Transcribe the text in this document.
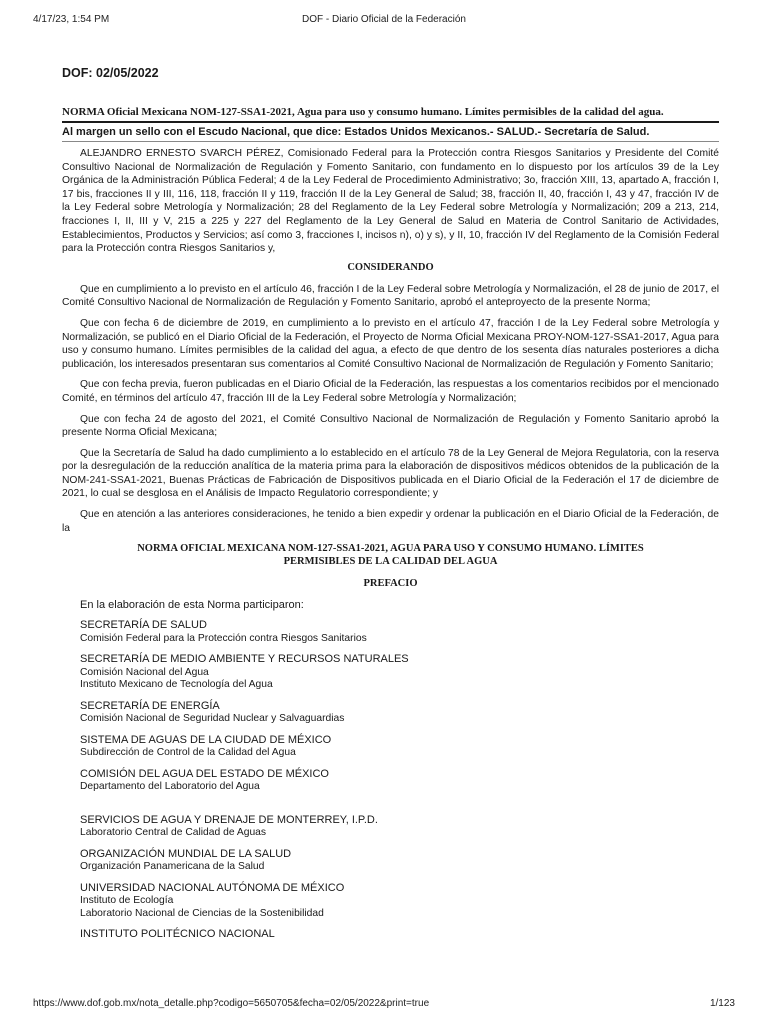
4/17/23, 1:54 PM	DOF - Diario Oficial de la Federación
DOF: 02/05/2022
NORMA Oficial Mexicana NOM-127-SSA1-2021, Agua para uso y consumo humano. Límites permisibles de la calidad del agua.
Al margen un sello con el Escudo Nacional, que dice: Estados Unidos Mexicanos.- SALUD.- Secretaría de Salud.

ALEJANDRO ERNESTO SVARCH PÉREZ, Comisionado Federal para la Protección contra Riesgos Sanitarios y Presidente del Comité Consultivo Nacional de Normalización de Regulación y Fomento Sanitario, con fundamento en lo dispuesto por los artículos 39 de la Ley Orgánica de la Administración Pública Federal; 4 de la Ley Federal de Procedimiento Administrativo; 3o, fracción XIII, 13, apartado A, fracción I, 17 bis, fracciones II y III, 116, 118, fracción II y 119, fracción II de la Ley General de Salud; 38, fracción II, 40, fracción I, 43 y 47, fracción IV de la Ley Federal sobre Metrología y Normalización; 28 del Reglamento de la Ley Federal sobre Metrología y Normalización; 209 a 213, 214, fracciones I, II, III y V, 215 a 225 y 227 del Reglamento de la Ley General de Salud en Materia de Control Sanitario de Actividades, Establecimientos, Productos y Servicios; así como 3, fracciones I, incisos n), o) y s), y II, 10, fracción IV del Reglamento de la Comisión Federal para la Protección contra Riesgos Sanitarios y,

CONSIDERANDO

Que en cumplimiento a lo previsto en el artículo 46, fracción I de la Ley Federal sobre Metrología y Normalización, el 28 de junio de 2017, el Comité Consultivo Nacional de Normalización de Regulación y Fomento Sanitario, aprobó el anteproyecto de la presente Norma;

Que con fecha 6 de diciembre de 2019, en cumplimiento a lo previsto en el artículo 47, fracción I de la Ley Federal sobre Metrología y Normalización, se publicó en el Diario Oficial de la Federación, el Proyecto de Norma Oficial Mexicana PROY-NOM-127-SSA1-2017, Agua para uso y consumo humano. Límites permisibles de la calidad del agua, a efecto de que dentro de los sesenta días naturales posteriores a dicha publicación, los interesados presentaran sus comentarios al Comité Consultivo Nacional de Normalización de Regulación y Fomento Sanitario;

Que con fecha previa, fueron publicadas en el Diario Oficial de la Federación, las respuestas a los comentarios recibidos por el mencionado Comité, en términos del artículo 47, fracción III de la Ley Federal sobre Metrología y Normalización;

Que con fecha 24 de agosto del 2021, el Comité Consultivo Nacional de Normalización de Regulación y Fomento Sanitario aprobó la presente Norma Oficial Mexicana;

Que la Secretaría de Salud ha dado cumplimiento a lo establecido en el artículo 78 de la Ley General de Mejora Regulatoria, con la reserva por la desregulación de la reducción analítica de la materia prima para la elaboración de dispositivos médicos obtenidos de la publicación de la NOM-241-SSA1-2021, Buenas Prácticas de Fabricación de Dispositivos publicada en el Diario Oficial de la Federación el 17 de diciembre de 2021, lo cual se desglosa en el Análisis de Impacto Regulatorio correspondiente; y

Que en atención a las anteriores consideraciones, he tenido a bien expedir y ordenar la publicación en el Diario Oficial de la Federación, de la

NORMA OFICIAL MEXICANA NOM-127-SSA1-2021, AGUA PARA USO Y CONSUMO HUMANO. LÍMITES
PERMISIBLES DE LA CALIDAD DEL AGUA
PREFACIO
En la elaboración de esta Norma participaron:
SECRETARÍA DE SALUD
Comisión Federal para la Protección contra Riesgos Sanitarios
SECRETARÍA DE MEDIO AMBIENTE Y RECURSOS NATURALES
Comisión Nacional del Agua
Instituto Mexicano de Tecnología del Agua
SECRETARÍA DE ENERGÍA
Comisión Nacional de Seguridad Nuclear y Salvaguardias
SISTEMA DE AGUAS DE LA CIUDAD DE MÉXICO
Subdirección de Control de la Calidad del Agua
COMISIÓN DEL AGUA DEL ESTADO DE MÉXICO
Departamento del Laboratorio del Agua
SERVICIOS DE AGUA Y DRENAJE DE MONTERREY, I.P.D.
Laboratorio Central de Calidad de Aguas
ORGANIZACIÓN MUNDIAL DE LA SALUD
Organización Panamericana de la Salud
UNIVERSIDAD NACIONAL AUTÓNOMA DE MÉXICO
Instituto de Ecología
Laboratorio Nacional de Ciencias de la Sostenibilidad
INSTITUTO POLITÉCNICO NACIONAL
https://www.dof.gob.mx/nota_detalle.php?codigo=5650705&fecha=02/05/2022&print=true	1/123
